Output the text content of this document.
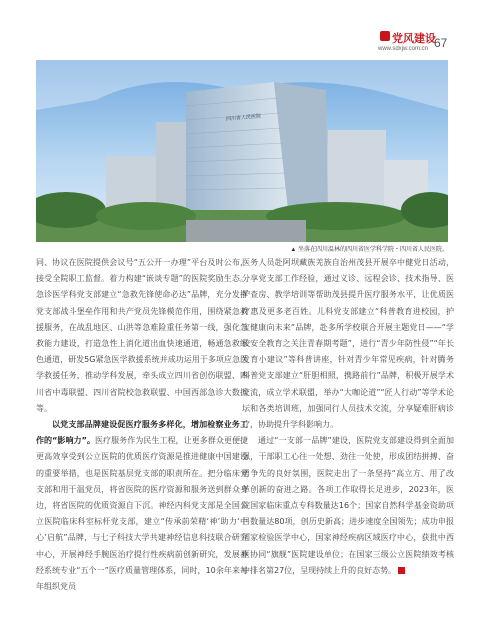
党风建设
www.sdxjw.com.cn 67
四川省人民医院
▲ 坐落在四川温林的四川省医学科学院・四川省人民医院。

同、协议在医院提供会议号“五公开一办理”平台及时公布，接受全院职工监督。着力构建“嵌谈专题”的医院奖励生态。急诊医学科党支部建立“急救先锋使命必达”品牌，充分发挥党支部战斗堡垒作用和共产党员先锋模范作用，围绕紧急救援服务，在战乱地区、山洪等急难险重任务第一线，强化急救能力建设，打造急性上消化道出血快速通道，畅通急救绿色通道，研发5G紧急医学救援系统并成功运用于多项应急医学救援任务，推动学科发展，牵头成立四川省创伤联盟、四川省中毒联盟、四川省院校急救联盟、中国西部急诊大数据等。

以党支部品牌建设促医疗服务多样化，增加检察业务工作的“影响力”。医疗服务作为民生工程，让更多群众更便捷更高效享受到公立医院的优质医疗资源是推进健康中国建设的重要举措，也是医院基层党支部的职责所在。把分临床党支部和用于温党员，将省医院的医疗资源和服务送到群众身边，将省医院的优质资源自下沉。神经内科党支部是全国公立医院临床科室标杆党支部，建立“传承前荣精‘神’助力‘中心’启航”品牌，与七子科技大学共建神经信息科技联合研究中心，开展神经手腕医治疗提行性疾病前创新研究，发展神经系统专业“五个一”医疗质量管理体系，同时，10余年来每年组织党员

医务人员赴阿坝藏族羌族自治州茂县开展卒中健党日活动，分享党支部工作经验，通过义诊、远程会诊、技术指导、医护查房、教学培训等帮助茂县提升医疗服务水平，让优质医疗惠及更多老百姓。儿科党支部建立“科普教育进校园，护宝健康向未来”品牌，赴多所学校联合开展主题党日——“学校安全教育之关注青春期考题”，进行“青少年防性侵”“年长发育小建议”等科普讲座，针对青少年常见疾病，针对腾务科普党支部建立“肝胆相照，携路前行”品牌，积极开展学术交流，成立学术联盟，举办“大咖论道”“匠人行动”等学术论坛和各类培训班，加强同行人员技术交流，分享疑难肝病诊疗，协助提升学科影响力。

通过“一支部一品牌”建设，医院党支部建设得到全面加强，干部职工心往一处想、劲往一处使，形成团结拼搏、奋勇争先的良好氛围，医院走出了一条坚持“高立方、用了改革创新的奋进之路。各项工作取得长足进步，2023年，医院国家临床重点专科数量达16个；国家自然科学基金资助项目数量达80项，创历史新高；进步速度全国领先；成功申报国家检验医学中心，国家神经疾病区域医疗中心，获批中西医协同“旗舰”医院建设单位；在国家三级公立医院绩效考核中排名第27位，呈现持续上升的良好态势。
